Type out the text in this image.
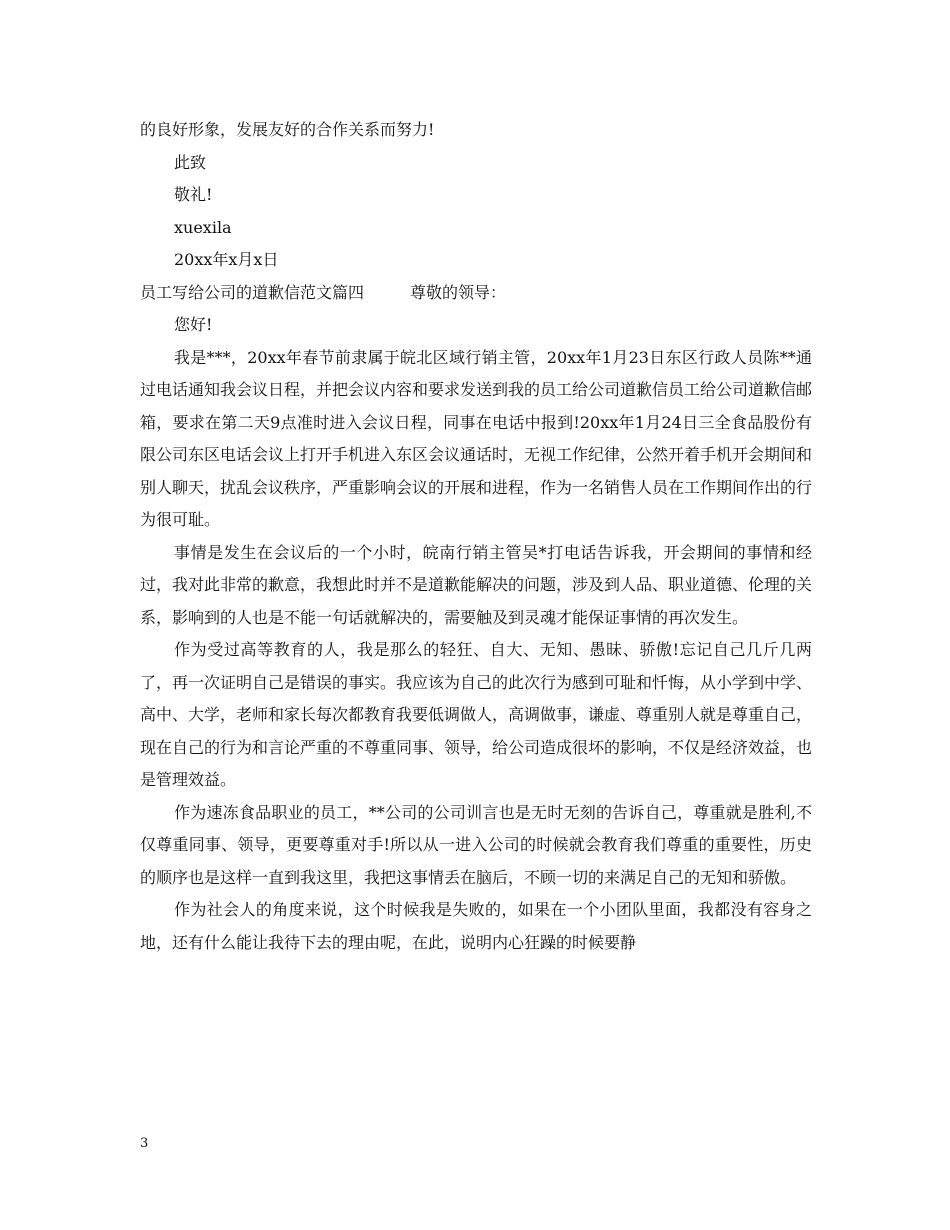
的良好形象，发展友好的合作关系而努力!

此致

敬礼!

xuexila

20xx年x月x日

员工写给公司的道歉信范文篇四	尊敬的领导：

您好!

我是***，20xx年春节前隶属于皖北区域行销主管，20xx年1月23日东区行政人员陈**通过电话通知我会议日程，并把会议内容和要求发送到我的员工给公司道歉信员工给公司道歉信邮箱，要求在第二天9点准时进入会议日程，同事在电话中报到!20xx年1月24日三全食品股份有限公司东区电话会议上打开手机进入东区会议通话时，无视工作纪律，公然开着手机开会期间和别人聊天，扰乱会议秩序，严重影响会议的开展和进程，作为一名销售人员在工作期间作出的行为很可耻。

事情是发生在会议后的一个小时，皖南行销主管吴*打电话告诉我，开会期间的事情和经过，我对此非常的歉意，我想此时并不是道歉能解决的问题，涉及到人品、职业道德、伦理的关系，影响到的人也是不能一句话就解决的，需要触及到灵魂才能保证事情的再次发生。

作为受过高等教育的人，我是那么的轻狂、自大、无知、愚昧、骄傲!忘记自己几斤几两了，再一次证明自己是错误的事实。我应该为自己的此次行为感到可耻和忏悔，从小学到中学、高中、大学，老师和家长每次都教育我要低调做人，高调做事，谦虚、尊重别人就是尊重自己，现在自己的行为和言论严重的不尊重同事、领导，给公司造成很坏的影响，不仅是经济效益，也是管理效益。

作为速冻食品职业的员工，**公司的公司训言也是无时无刻的告诉自己，尊重就是胜利,不仅尊重同事、领导，更要尊重对手!所以从一进入公司的时候就会教育我们尊重的重要性，历史的顺序也是这样一直到我这里，我把这事情丢在脑后，不顾一切的来满足自己的无知和骄傲。

作为社会人的角度来说，这个时候我是失败的，如果在一个小团队里面，我都没有容身之地，还有什么能让我待下去的理由呢，在此，说明内心狂躁的时候要静

3
